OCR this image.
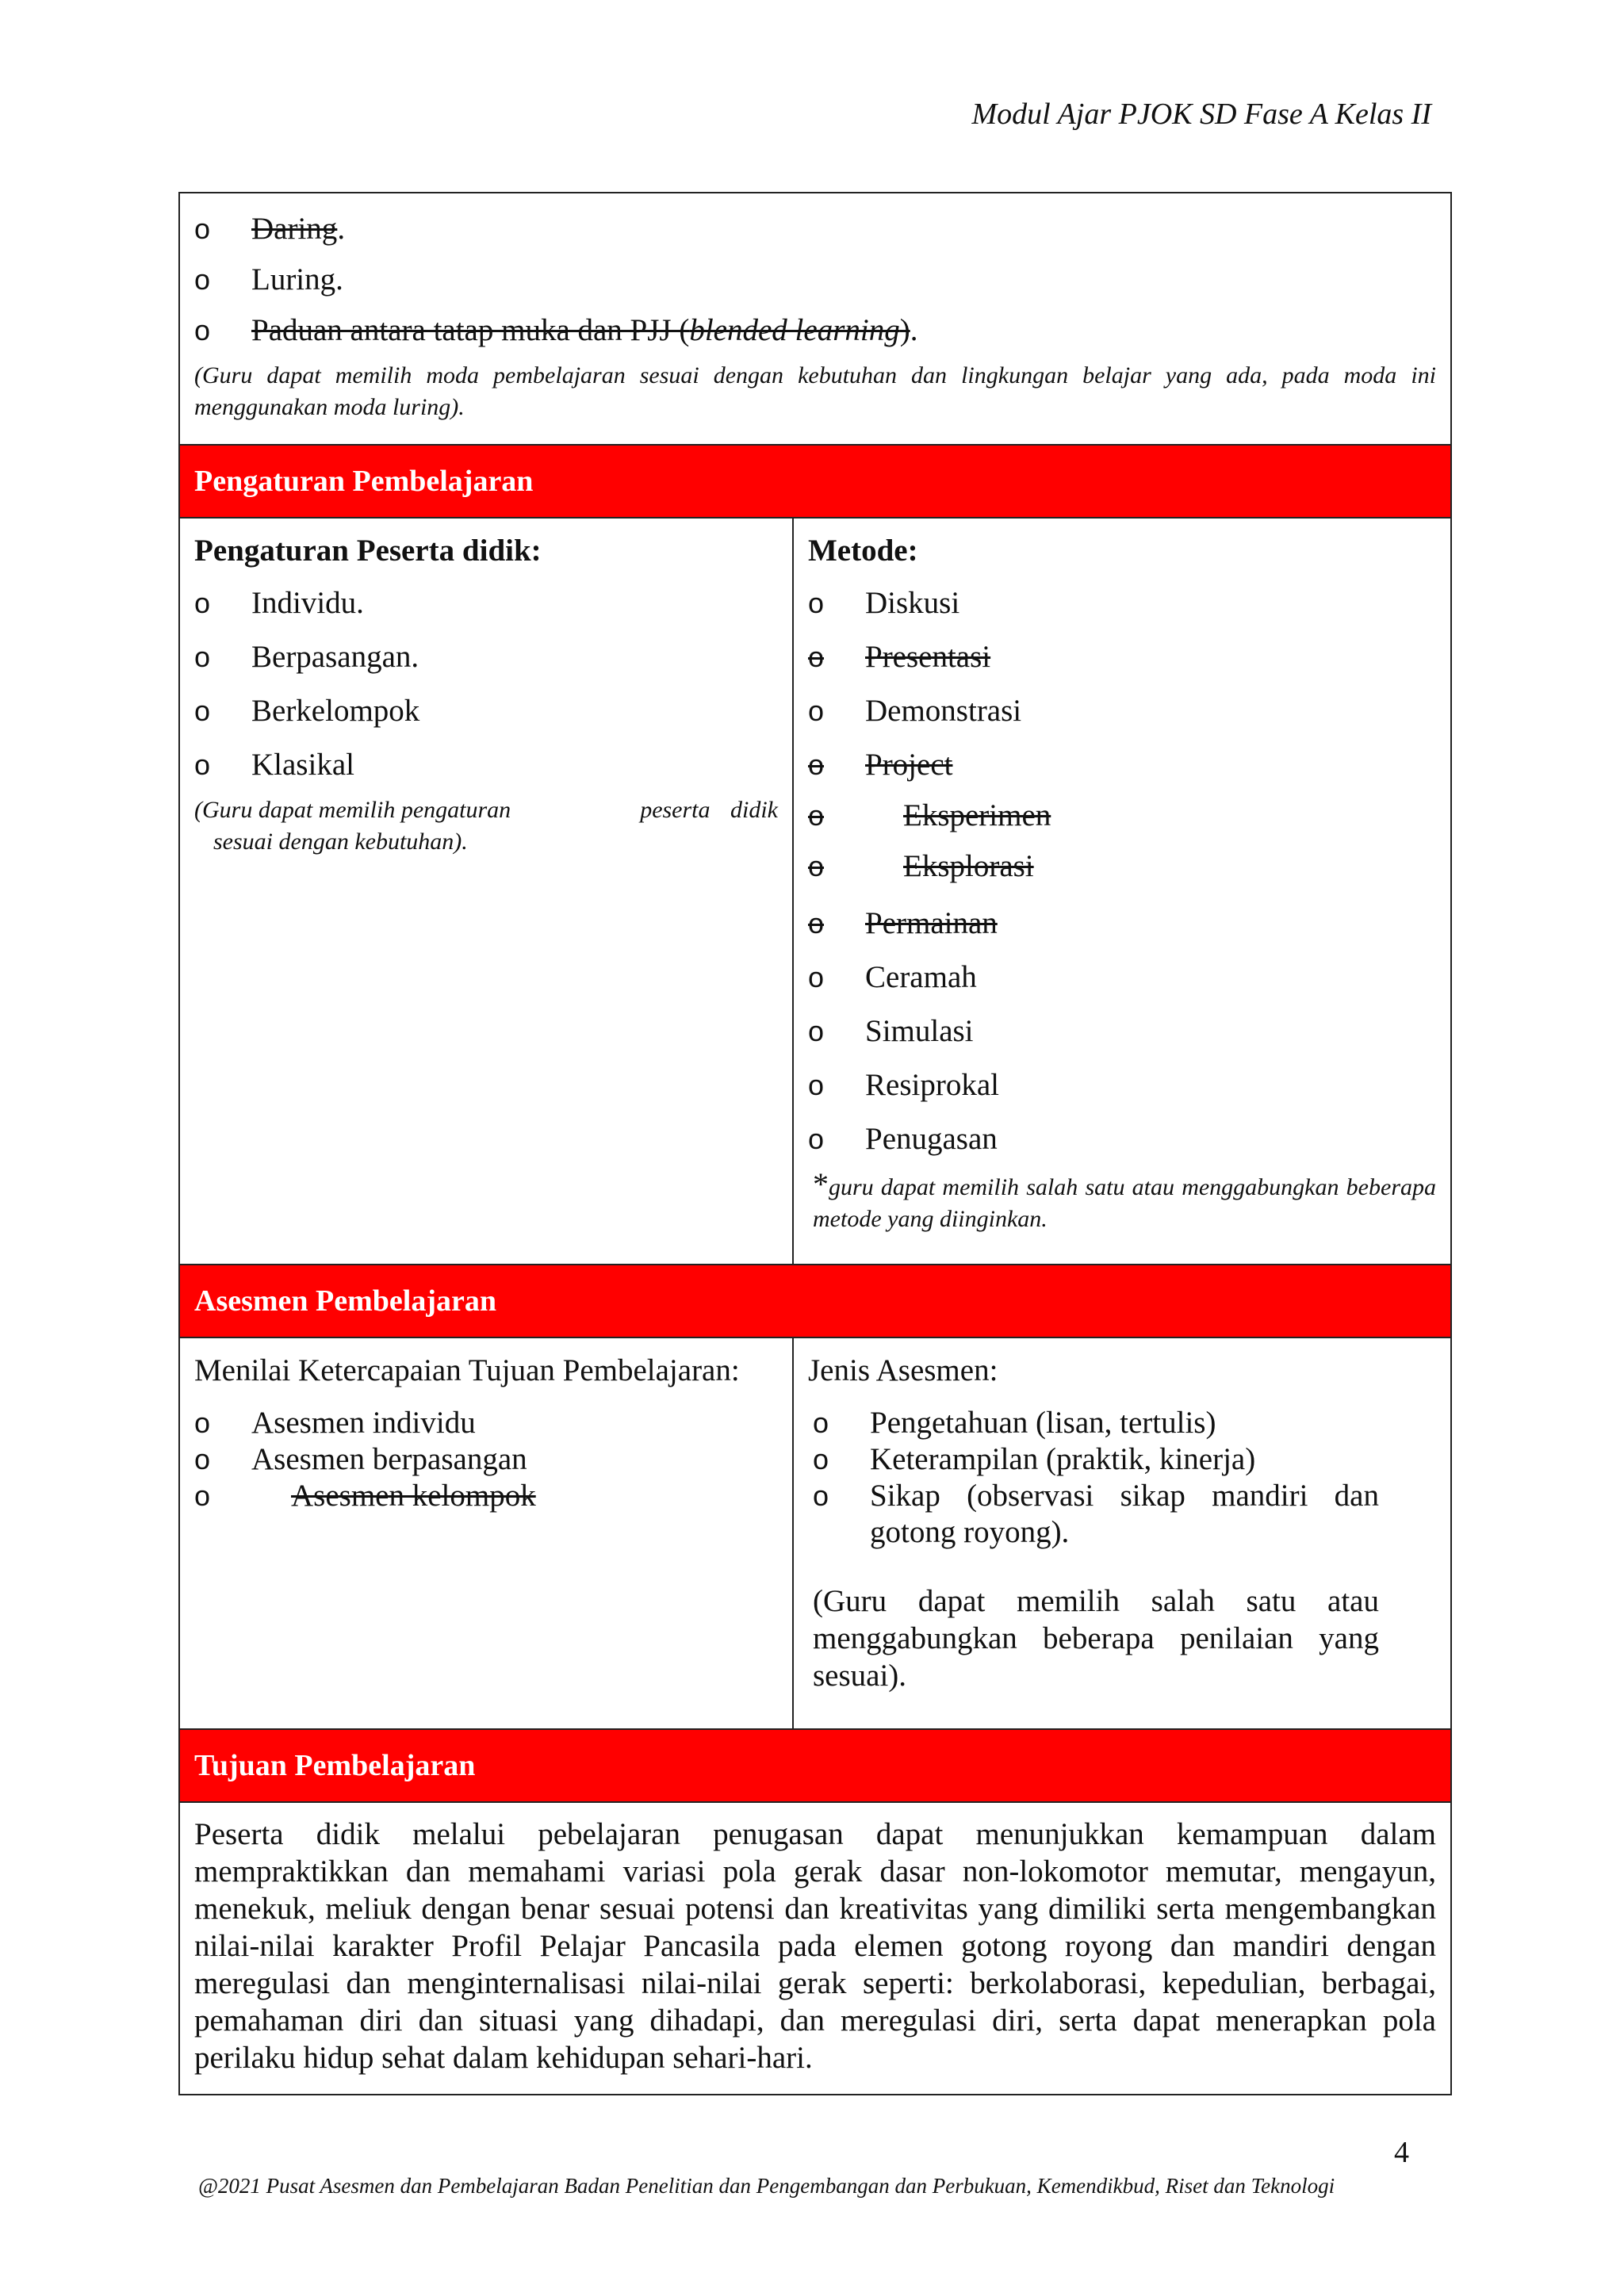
Modul Ajar PJOK SD Fase A Kelas II
o	Daring.
o	Luring.
o	Paduan antara tatap muka dan PJJ (blended learning).
(Guru dapat memilih moda pembelajaran sesuai dengan kebutuhan dan lingkungan belajar yang ada, pada moda ini menggunakan moda luring).
Pengaturan Pembelajaran
Pengaturan Peserta didik:
o	Individu.
o	Berpasangan.
o	Berkelompok
o	Klasikal
(Guru dapat memilih pengaturan	peserta didik
sesuai dengan kebutuhan).
Metode:
o	Diskusi
o	Presentasi
o	Demonstrasi
o	Project
o	Eksperimen
o	Eksplorasi
o	Permainan
o	Ceramah
o	Simulasi
o	Resiprokal
o	Penugasan
*guru dapat memilih salah satu atau menggabungkan beberapa metode yang diinginkan.
Asesmen Pembelajaran
Menilai Ketercapaian Tujuan Pembelajaran:
o	Asesmen individu
o	Asesmen berpasangan
o	Asesmen kelompok
Jenis Asesmen:
o	Pengetahuan (lisan, tertulis)
o	Keterampilan (praktik, kinerja)
o	Sikap (observasi sikap mandiri dan gotong royong).
(Guru dapat memilih salah satu atau menggabungkan beberapa penilaian yang sesuai).
Tujuan Pembelajaran
Peserta didik melalui pebelajaran penugasan dapat menunjukkan kemampuan dalam mempraktikkan dan memahami variasi pola gerak dasar non-lokomotor memutar, mengayun, menekuk, meliuk dengan benar sesuai potensi dan kreativitas yang dimiliki serta mengembangkan nilai-nilai karakter Profil Pelajar Pancasila pada elemen gotong royong dan mandiri dengan meregulasi dan menginternalisasi nilai-nilai gerak seperti: berkolaborasi, kepedulian, berbagai, pemahaman diri dan situasi yang dihadapi, dan meregulasi diri, serta dapat menerapkan pola perilaku hidup sehat dalam kehidupan sehari-hari.
4
@2021 Pusat Asesmen dan Pembelajaran Badan Penelitian dan Pengembangan dan Perbukuan, Kemendikbud, Riset dan Teknologi
